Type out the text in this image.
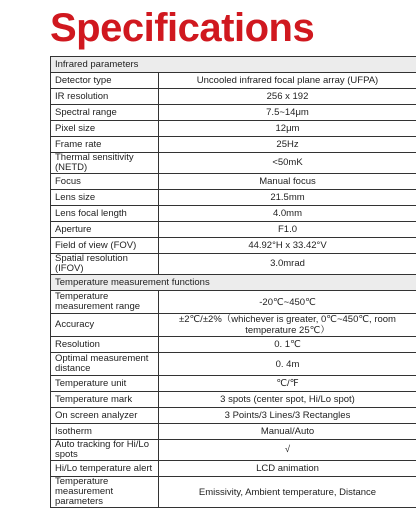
Specifications
Infrared parameters	
Detector type	Uncooled infrared focal plane array (UFPA)
IR resolution	256 x 192
Spectral range	7.5~14μm
Pixel size	12μm
Frame rate	25Hz
Thermal sensitivity (NETD)	<50mK
Focus	Manual focus
Lens size	21.5mm
Lens focal length	4.0mm
Aperture	F1.0
Field of view (FOV)	44.92°H x 33.42°V
Spatial resolution (IFOV)	3.0mrad
Temperature measurement functions	
Temperature measurement range	-20℃~450℃
Accuracy	±2℃/±2%（whichever is greater, 0℃~450℃, room temperature 25℃）
Resolution	0. 1℃
Optimal measurement distance	0. 4m
Temperature unit	℃/℉
Temperature mark	3 spots (center spot, Hi/Lo spot)
On screen analyzer	3 Points/3 Lines/3 Rectangles
Isotherm	Manual/Auto
Auto tracking for Hi/Lo spots	√
Hi/Lo temperature alert	LCD animation
Temperature measurement parameters	Emissivity, Ambient temperature, Distance
